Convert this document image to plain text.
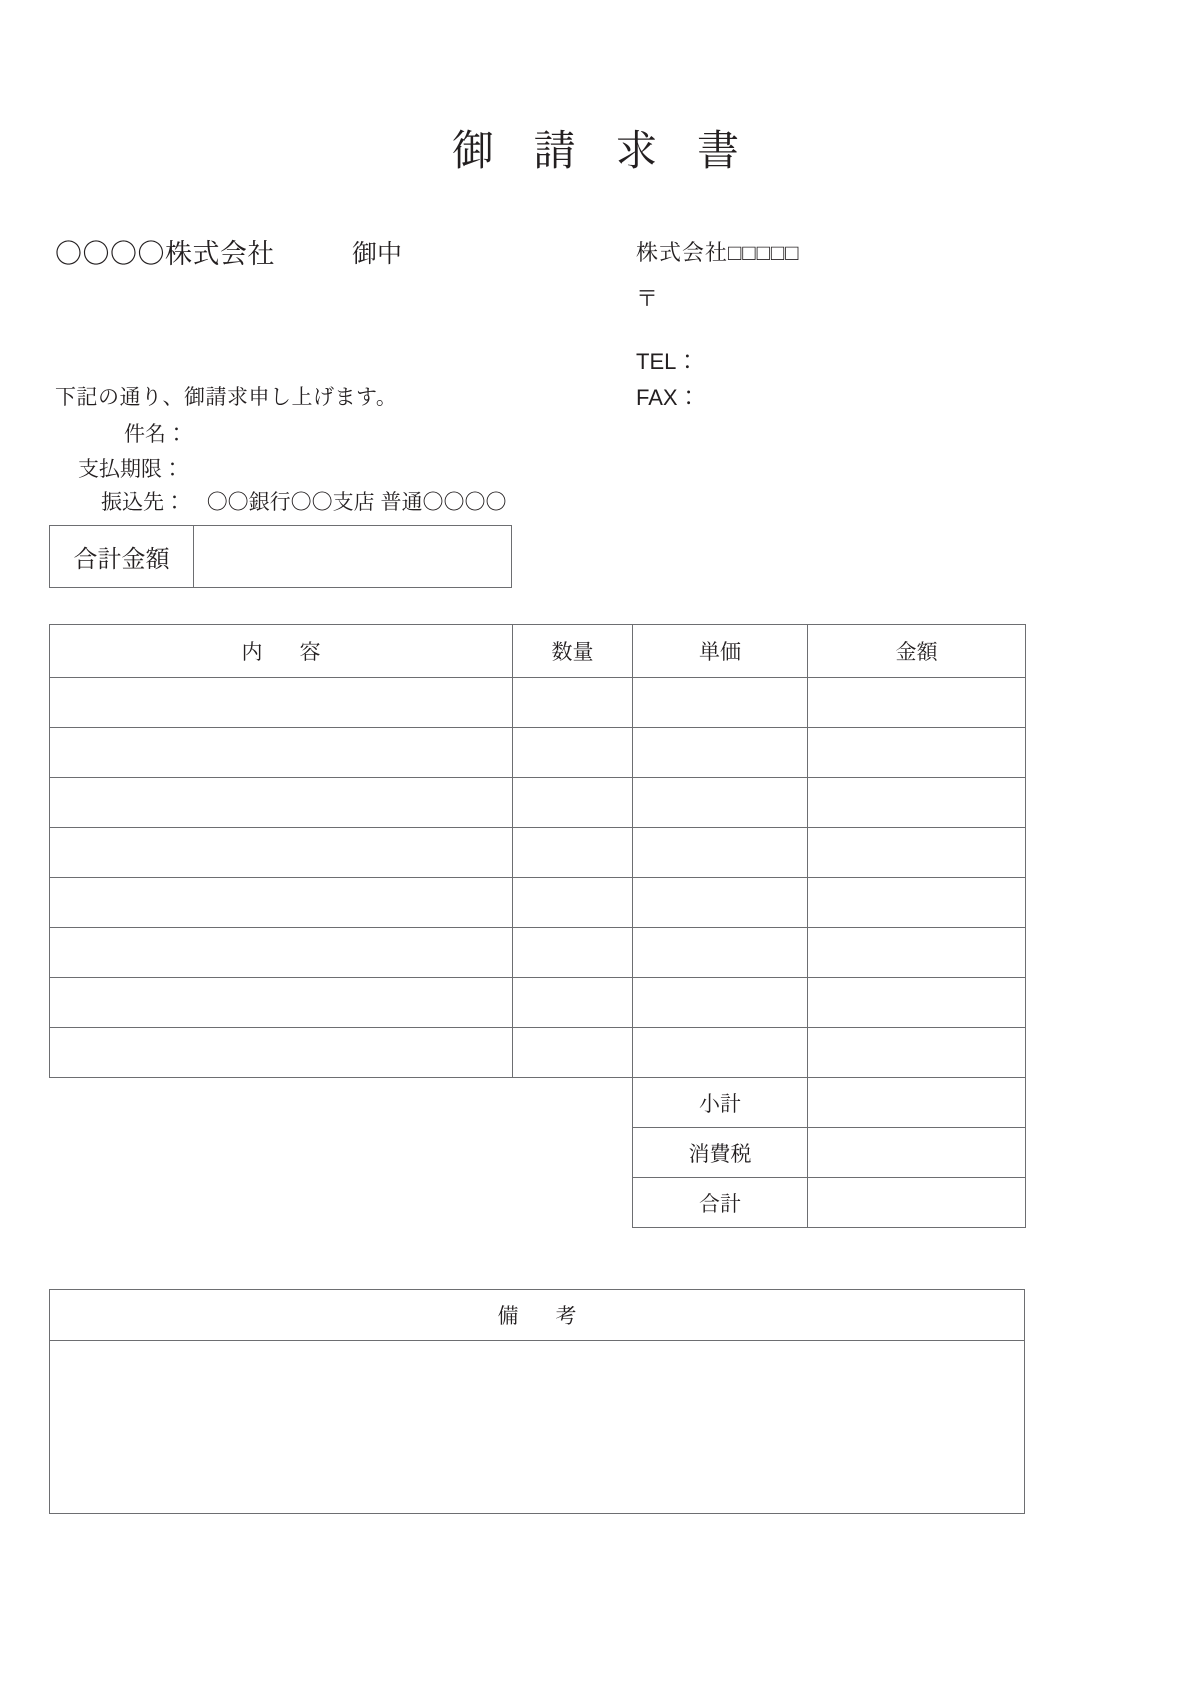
御 請 求 書
〇〇〇〇株式会社	御中	株式会社□□□□□
〒
TEL：
FAX：
下記の通り、御請求申し上げます。
件名：
支払期限：
振込先： 〇〇銀行〇〇支店 普通〇〇〇〇
合計金額
内　容	数量	単価	金額

		小計	
		消費税	
		合計	
備　考
